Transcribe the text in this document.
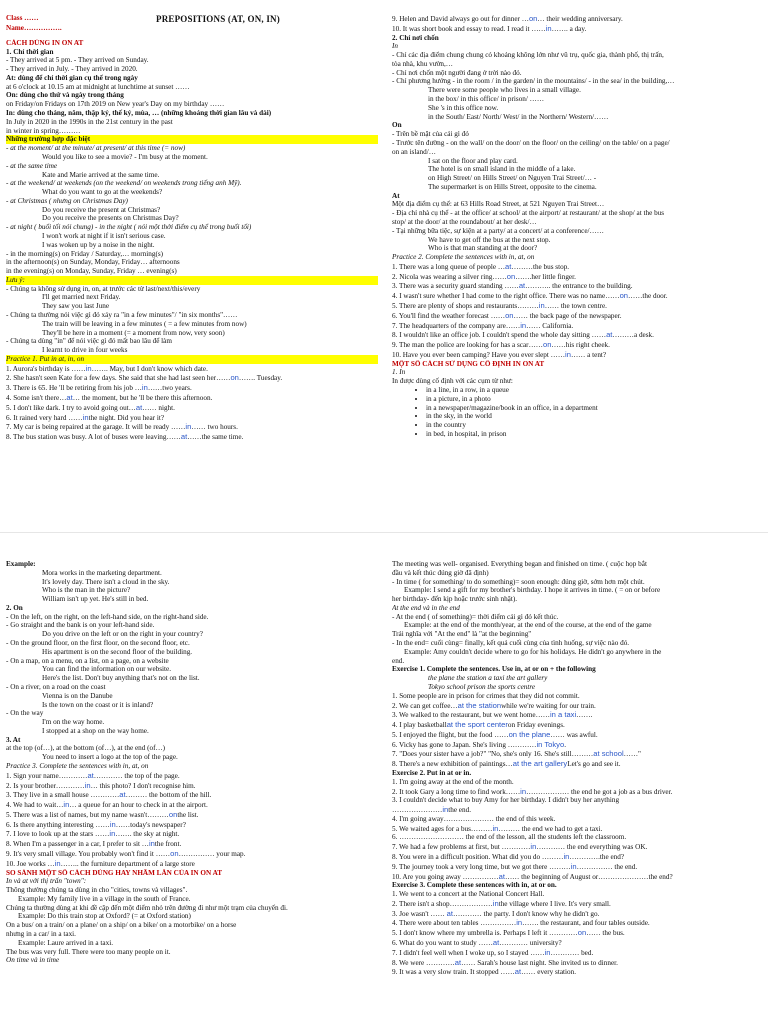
Class ……	PREPOSITIONS (AT, ON, IN)
Name…………….
CÁCH DÙNG IN ON AT
1. Chỉ thời gian
- They arrived at 5 pm. - They arrived on Sunday.
- They arrived in July. - They arrived in 2020.
At: dùng để chỉ thời gian cụ thể trong ngày
at 6 o'clock at 10.15 am at midnight at lunchtime at sunset ……
On: dùng cho thứ và ngày trong tháng
on Friday/on Fridays on 17th 2019 on New year's Day on my birthday ……
In: dùng cho tháng, năm, thập kỷ, thế kỷ, mùa, … (những khoảng thời gian lâu và dài)
In July in 2020 in the 1990s in the 21st century in the past
in winter in spring………
Những trường hợp đặc biệt
- at the moment/ at the minute/ at present/ at this time (= now)
Would you like to see a movie? - I'm busy at the moment.
- at the same time
Kate and Marie arrived at the same time.
- at the weekend/ at weekends (on the weekend/ on weekends trong tiếng anh Mỹ).
What do you want to go at the weekends?
- at Christmas ( nhưng on Christmas Day)
Do you receive the present at Christmas?
Do you receive the presents on Christmas Day?
- at night ( buổi tối nói chung) - in the night ( nói một thời điểm cụ thể trong buổi tối)
I won't work at night if it isn't serious case.
I was woken up by a noise in the night.
- in the morning(s) on Friday / Saturday,… morning(s)
in the afternoon(s) on Sunday, Monday, Friday… afternoons
in the evening(s) on Monday, Sunday, Friday … evening(s)
Lưu ý:
- Chúng ta không sử dụng in, on, at trước các từ last/next/this/every
I'll get married next Friday.
They saw you last June
- Chúng ta thường nói việc gì đó xảy ra "in a few minutes"/ "in six months"……
The train will be leaving in a few minutes ( = a few minutes from now)
They'll be here in a moment (= a moment from now, very soon)
- Chúng ta dùng "in" để nói việc gì đó mất bao lâu để làm
I learnt to drive in four weeks
Practice 1. Put in at, in, on
1. Aurora's birthday is ……in……. May, but I don't know which date.
2. She hasn't seen Kate for a few days. She said that she had last seen her……on……. Tuesday.
3. There is 65. He 'll be retiring from his job …in……two years.
4. Some isn't there…at… the moment, but he 'll be there this afternoon.
5. I don't like dark. I try to avoid going out…at…… night.
6. It rained very hard ……inthe night. Did you hear it?
7. My car is being repaired at the garage. It will be ready ……in…… two hours.
8. The bus station was busy. A lot of buses were leaving……at……the same time.
9. Helen and David always go out for dinner …on… their wedding anniversary.
10. It was short book and essay to read. I read it ……in……. a day.
2. Chỉ nơi chốn
In
- Chỉ các địa điểm chung chung có khoảng không lớn như vũ trụ, quốc gia, thành phố, thị trấn,
tòa nhà, khu vườn,…
- Chỉ nơi chốn một người đang ở trời nào đó.
- Chỉ phương hướng - in the room / in the garden/ in the mountains/ - in the sea/ in the building,…
There were some people who lives in a small village.
in the box/ in this office/ in prison/ ……
She 's in this office now.
in the South/ East/ North/ West/ in the Northern/ Western/……
On
- Trên bề mặt của cái gì đó
- Trước tên đường - on the wall/ on the door/ on the floor/ on the ceiling/ on the table/ on a page/
on an island/…
I sat on the floor and play card.
The hotel is on small island in the middle of a lake.
on High Street/ on Hills Street/ on Nguyen Trai Street/… -
The supermarket is on Hills Street, opposite to the cinema.
At
Một địa điểm cụ thể: at 63 Hills Road Street, at 521 Nguyen Trai Street…
- Địa chỉ nhà cụ thể - at the office/ at school/ at the airport/ at restaurant/ at the shop/ at the bus
stop/ at the door/ at the roundabout/ at her desk/…
- Tại những bữa tiệc, sự kiện at a party/ at a concert/ at a conference/……
We have to get off the bus at the next stop.
Who is that man standing at the door?
Practice 2. Complete the sentences with in, at, on
1. There was a long queue of people …at………the bus stop.
2. Nicola was wearing a silver ring……on…….her little finger.
3. There was a security guard standing ……at……….. the entrance to the building.
4. I wasn't sure whether I had come to the right office. There was no name……on……the door.
5. There are plenty of shops and restaurants………in…… the town centre.
6. You'll find the weather forecast ……on…… the back page of the newspaper.
7. The headquarters of the company are……in…… California.
8. I wouldn't like an office job. I couldn't spend the whole day sitting ……at………a desk.
9. The man the police are looking for has a scar……on……his right cheek.
10. Have you ever been camping? Have you ever slept ……in…… a tent?
MỘT SỐ CÁCH SỬ DỤNG CỐ ĐỊNH IN ON AT
1. In
In được dùng cố định với các cụm từ như:
• in a line, in a row, in a queue
• in a picture, in a photo
• in a newspaper/magazine/book in an office, in a department
• in the sky, in the world
• in the country
• in bed, in hospital, in prison
Example:
Mora works in the marketing department.
It's lovely day. There isn't a cloud in the sky.
Who is the man in the picture?
William isn't up yet. He's still in bed.
2. On
- On the left, on the right, on the left-hand side, on the right-hand side.
- Go straight and the bank is on your left-hand side.
Do you drive on the left or on the right in your country?
- On the ground floor, on the first floor, on the second floor, etc.
His apartment is on the second floor of the building.
- On a map, on a menu, on a list, on a page, on a website
You can find the information on our website.
Here's the list. Don't buy anything that's not on the list.
- On a river, on a road on the coast
Vienna is on the Danube
Is the town on the coast or it is inland?
- On the way
I'm on the way home.
I stopped at a shop on the way home.
3. At
at the top (of…), at the bottom (of…), at the end (of…)
You need to insert a logo at the top of the page.
Practice 3. Complete the sentences with in, at, on
1. Sign your name…………at………… the top of the page.
2. Is your brother…………in… this photo? I don't recognise him.
3. They live in a small house …………at……… the bottom of the hill.
4. We had to wait…in… a queue for an hour to check in at the airport.
5. There was a list of names, but my name wasn't………onthe list.
6. Is there anything interesting ……in……today's newspaper?
7. I love to look up at the stars ……in……. the sky at night.
8. When I'm a passenger in a car, I prefer to sit …inthe front.
9. It's very small village. You probably won't find it ……on…………… your map.
10. Joe works …in…….. the furniture department of a large store
SO SÁNH MỘT SỐ CÁCH DÙNG HAY NHẦM LẪN CỦA IN ON AT
In và at với thị trấn "town":
Thông thường chúng ta dùng in cho "cities, towns và villages".
Example: My family live in a village in the south of France.
Chúng ta thường dùng at khi đề cập đến một điểm nhỏ trên đường đi như một trạm của chuyến đi.
Example: Do this train stop at Oxford? (= at Oxford station)
On a bus/ on a train/ on a plane/ on a ship/ on a bike/ on a motorbike/ on a horse
nhưng in a car/ in a taxi.
Example: Laure arrived in a taxi.
The bus was very full. There were too many people on it.
On time và in time
The meeting was well- organised. Everything began and finished on time. ( cuộc họp bắt
đầu và kết thúc đúng giờ đã định)
- In time ( for something/ to do something)= soon enough: đúng giờ, sớm hơn một chút.
Example: I send a gift for my brother's birthday. I hope it arrives in time. ( = on or before
her birthday- đến kịp hoặc trước sinh nhật).
At the end và in the end
- At the end ( of something)= thời điểm cái gì đó kết thúc.
Example: at the end of the month/year, at the end of the course, at the end of the game
Trái nghĩa với "At the end" là "at the beginning"
- In the end= cuối cùng= finally, kết quả cuối cùng của tình huống, sự việc nào đó.
Example: Amy couldn't decide where to go for his holidays. He didn't go anywhere in the
end.
Exercise 1. Complete the sentences. Use in, at or on + the following
the plane the station a taxi the art gallery
Tokyo school prison the sports centre
1. Some people are in prison for crimes that they did not commit.
2. We can get coffee…at the stationwhile we're waiting for our train.
3. We walked to the restaurant, but we went home……in a taxi…….
4. I play basketballat the sport centeron Friday evenings.
5. I enjoyed the flight, but the food ……on the plane…… was awful.
6. Vicky has gone to Japan. She's living …………in Tokyo.
7. "Does your sister have a job?" "No, she's only 16. She's still………at school……"
8. There's a new exhibition of paintings…at the art galleryLet's go and see it.
Exercise 2. Put in at or in.
1. I'm going away at the end of the month.
2. It took Gary a long time to find work……in……………… the end he got a job as a bus driver.
3. I couldn't decide what to buy Amy for her birthday. I didn't buy her anything
…………………inthe end.
4. I'm going away………………… the end of this week.
5. We waited ages for a bus………in……… the end we had to get a taxi.
6. ……………………… the end of the lesson, all the students left the classroom.
7. We had a few problems at first, but …………in………… the end everything was OK.
8. You were in a difficult position. What did you do ………in………….the end?
9. The journey took a very long time, but we got there ………in…………… the end.
10. Are you going away ……………at…… the beginning of August or…………………the end?
Exercise 3. Complete these sentences with in, at or on.
1. We went to a concert at the National Concert Hall.
2. There isn't a shop………………inthe village where I live. It's very small.
3. Joe wasn't …… at………… the party. I don't know why he didn't go.
4. There were about ten tables ……………in……. the restaurant, and four tables outside.
5. I don't know where my umbrella is. Perhaps I left it …………on…… the bus.
6. What do you want to study ……at………… university?
7. I didn't feel well when I woke up, so I stayed ……in………… bed.
8. We were …………at…… Sarah's house last night. She invited us to dinner.
9. It was a very slow train. It stopped ……at…… every station.
